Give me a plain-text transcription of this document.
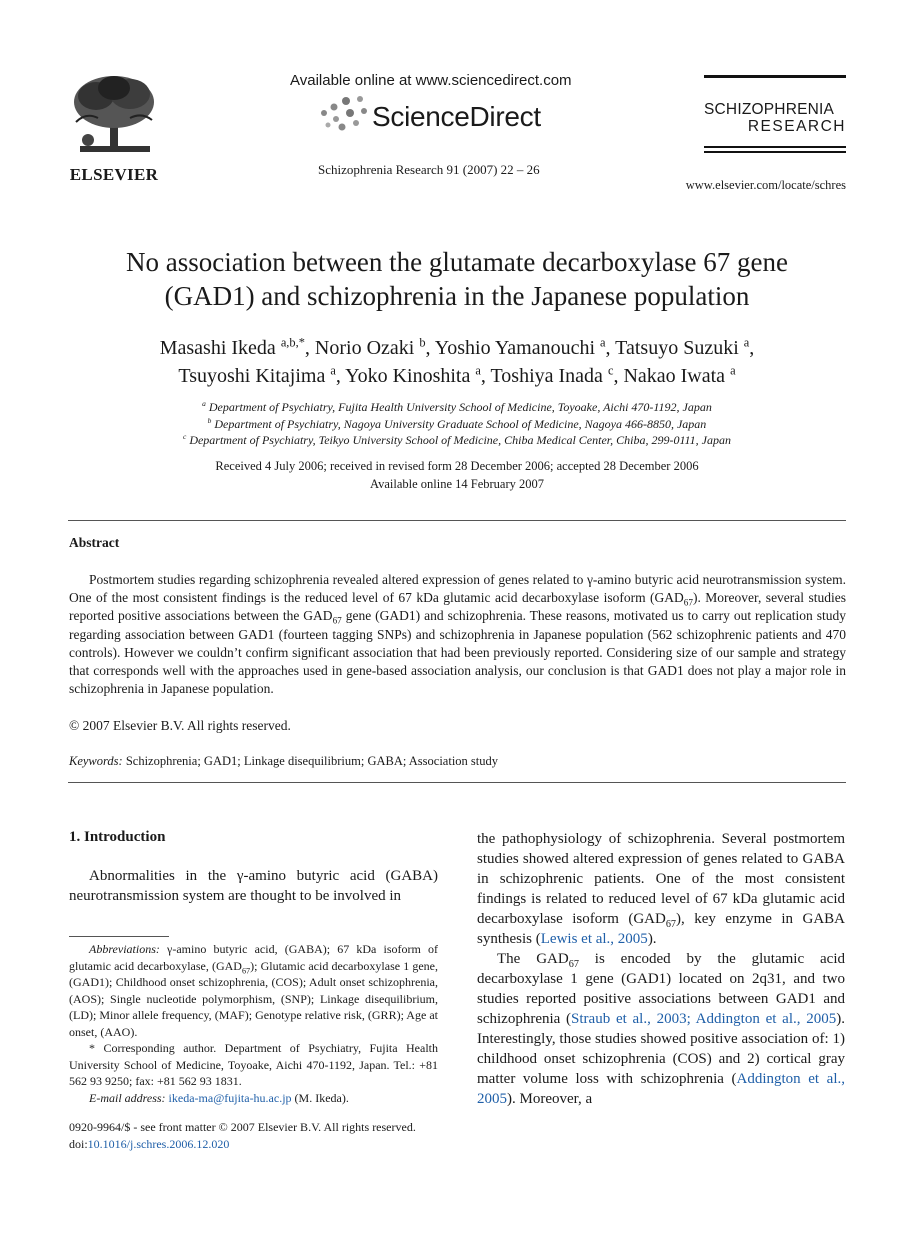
ELSEVIER
Available online at www.sciencedirect.com
ScienceDirect
Schizophrenia Research 91 (2007) 22 – 26
SCHIZOPHRENIA
RESEARCH
www.elsevier.com/locate/schres
No association between the glutamate decarboxylase 67 gene
(GAD1) and schizophrenia in the Japanese population
Masashi Ikeda $^{a,b,*}$, Norio Ozaki $^b$, Yoshio Yamanouchi $^a$, Tatsuyo Suzuki $^a$,
Tsuyoshi Kitajima $^a$, Yoko Kinoshita $^a$, Toshiya Inada $^c$, Nakao Iwata $^a$
$^a$ Department of Psychiatry, Fujita Health University School of Medicine, Toyoake, Aichi 470-1192, Japan
$^b$ Department of Psychiatry, Nagoya University Graduate School of Medicine, Nagoya 466-8850, Japan
$^c$ Department of Psychiatry, Teikyo University School of Medicine, Chiba Medical Center, Chiba, 299-0111, Japan
Received 4 July 2006; received in revised form 28 December 2006; accepted 28 December 2006
Available online 14 February 2007
Abstract

Postmortem studies regarding schizophrenia revealed altered expression of genes related to γ-amino butyric acid neurotransmission system. One of the most consistent findings is the reduced level of 67 kDa glutamic acid decarboxylase isoform $(GAD_{67})$. Moreover, several studies reported positive associations between the $GAD_{67}$ gene (GAD1) and schizophrenia. These reasons, motivated us to carry out replication study regarding association between GAD1 (fourteen tagging SNPs) and schizophrenia in Japanese population (562 schizophrenic patients and 470 controls). However we couldn’t confirm significant association that had been previously reported. Considering size of our sample and strategy that corresponds well with the approaches used in gene-based association analysis, our conclusion is that GAD1 does not play a major role in schizophrenia in Japanese population.

© 2007 Elsevier B.V. All rights reserved.
Keywords: Schizophrenia; GAD1; Linkage disequilibrium; GABA; Association study
1. Introduction

Abnormalities in the γ-amino butyric acid (GABA) neurotransmission system are thought to be involved in

Abbreviations: γ-amino butyric acid, (GABA); 67 kDa isoform of glutamic acid decarboxylase, $(GAD_{67})$; Glutamic acid decarboxylase 1 gene, (GAD1); Childhood onset schizophrenia, (COS); Adult onset schizophrenia, (AOS); Single nucleotide polymorphism, (SNP); Linkage disequilibrium, (LD); Minor allele frequency, (MAF); Genotype relative risk, (GRR); Age at onset, (AAO).

* Corresponding author. Department of Psychiatry, Fujita Health University School of Medicine, Toyoake, Aichi 470-1192, Japan. Tel.: +81 562 93 9250; fax: +81 562 93 1831.

E-mail address: ikeda-ma@fujita-hu.ac.jp (M. Ikeda).

0920-9964/$ - see front matter © 2007 Elsevier B.V. All rights reserved.
doi:10.1016/j.schres.2006.12.020

the pathophysiology of schizophrenia. Several postmortem studies showed altered expression of genes related to GABA in schizophrenic patients. One of the most consistent findings is related to reduced level of 67 kDa glutamic acid decarboxylase isoform $(GAD_{67})$, key enzyme in GABA synthesis (Lewis et al., 2005).

The $GAD_{67}$ is encoded by the glutamic acid decarboxylase 1 gene (GAD1) located on 2q31, and two studies reported positive associations between GAD1 and schizophrenia (Straub et al., 2003; Addington et al., 2005). Interestingly, those studies showed positive association of: 1) childhood onset schizophrenia (COS) and 2) cortical gray matter volume loss with schizophrenia (Addington et al., 2005). Moreover, a
